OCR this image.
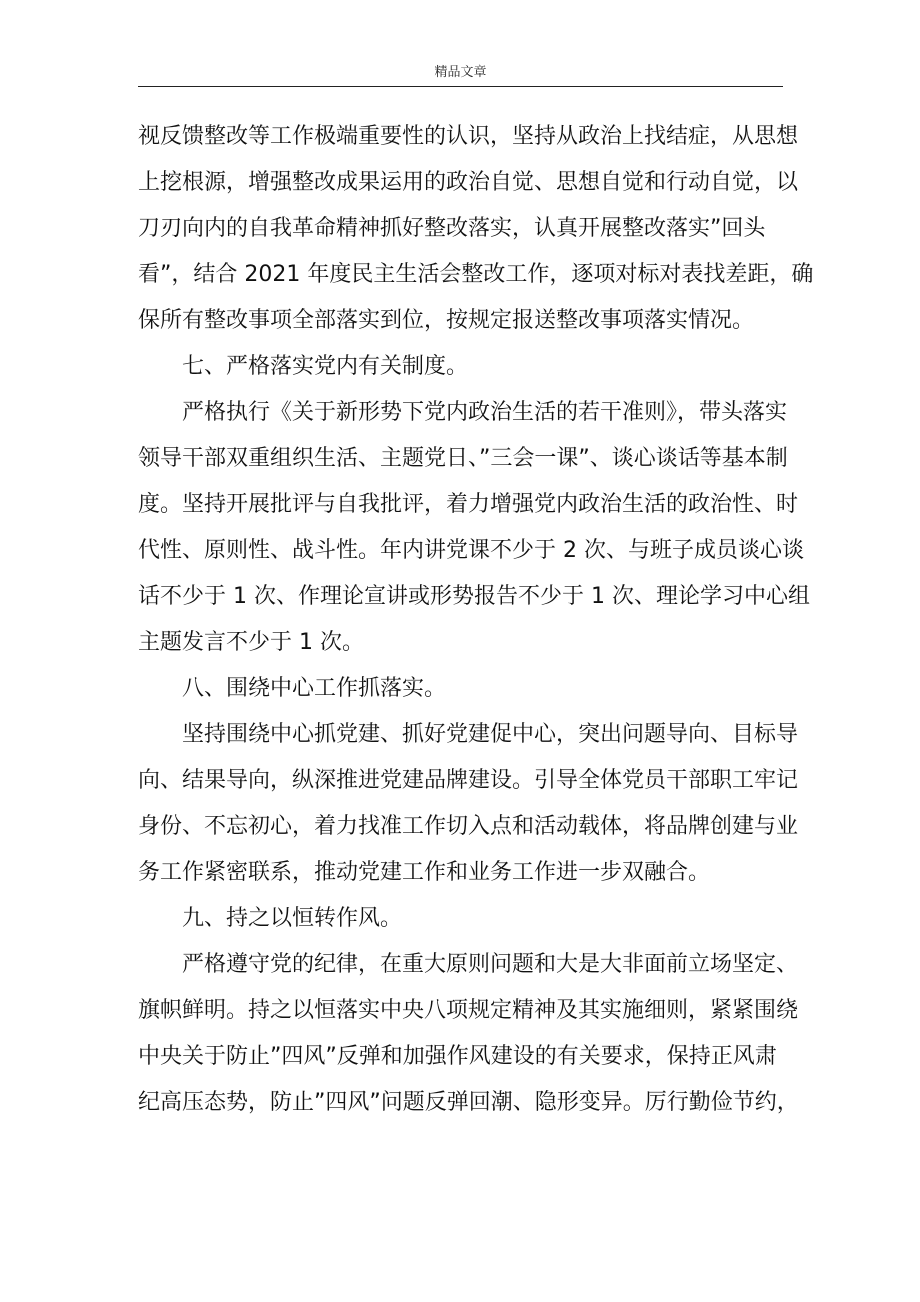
精品文章
视反馈整改等工作极端重要性的认识，坚持从政治上找结症，从思想
上挖根源，增强整改成果运用的政治自觉、思想自觉和行动自觉，以
刀刃向内的自我革命精神抓好整改落实，认真开展整改落实”回头
看”，结合 2021 年度民主生活会整改工作，逐项对标对表找差距，确
保所有整改事项全部落实到位，按规定报送整改事项落实情况。
七、严格落实党内有关制度。
严格执行《关于新形势下党内政治生活的若干准则》，带头落实
领导干部双重组织生活、主题党日、”三会一课”、谈心谈话等基本制
度。坚持开展批评与自我批评，着力增强党内政治生活的政治性、时
代性、原则性、战斗性。年内讲党课不少于 2 次、与班子成员谈心谈
话不少于 1 次、作理论宣讲或形势报告不少于 1 次、理论学习中心组
主题发言不少于 1 次。
八、围绕中心工作抓落实。
坚持围绕中心抓党建、抓好党建促中心，突出问题导向、目标导
向、结果导向，纵深推进党建品牌建设。引导全体党员干部职工牢记
身份、不忘初心，着力找准工作切入点和活动载体，将品牌创建与业
务工作紧密联系，推动党建工作和业务工作进一步双融合。
九、持之以恒转作风。
严格遵守党的纪律，在重大原则问题和大是大非面前立场坚定、
旗帜鲜明。持之以恒落实中央八项规定精神及其实施细则，紧紧围绕
中央关于防止”四风”反弹和加强作风建设的有关要求，保持正风肃
纪高压态势，防止”四风”问题反弹回潮、隐形变异。厉行勤俭节约，
